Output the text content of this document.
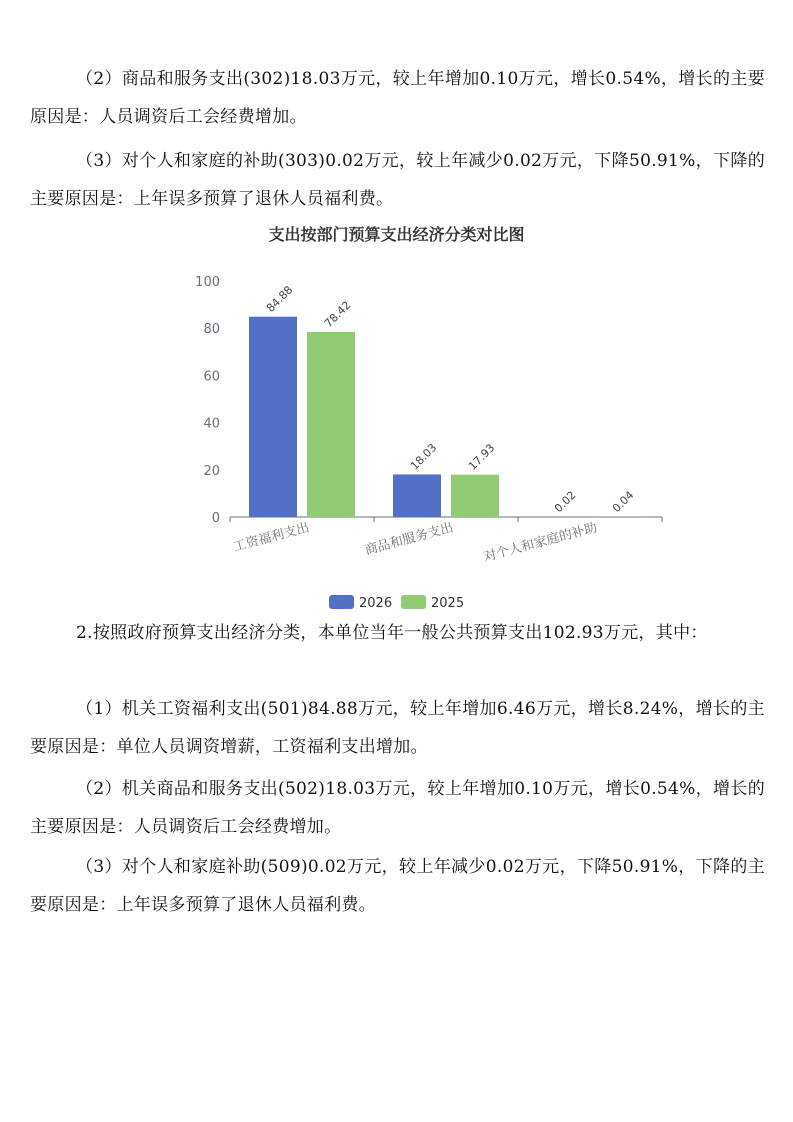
（2）商品和服务支出(302)18.03万元，较上年增加0.10万元，增长0.54%，增长的主要原因是：人员调资后工会经费增加。

（3）对个人和家庭的补助(303)0.02万元，较上年减少0.02万元，下降50.91%，下降的主要原因是：上年误多预算了退休人员福利费。

支出按部门预算支出经济分类对比图
0
20
40
60
80
100
84.88
18.03
0.02
78.42
17.93
0.04
工资福利支出	商品和服务支出 对个人和家庭的补助
2026	2025

2.按照政府预算支出经济分类，本单位当年一般公共预算支出102.93万元，其中：

（1）机关工资福利支出(501)84.88万元，较上年增加6.46万元，增长8.24%，增长的主要原因是：单位人员调资增薪，工资福利支出增加。

（2）机关商品和服务支出(502)18.03万元，较上年增加0.10万元，增长0.54%，增长的主要原因是：人员调资后工会经费增加。

（3）对个人和家庭补助(509)0.02万元，较上年减少0.02万元，下降50.91%，下降的主要原因是：上年误多预算了退休人员福利费。
